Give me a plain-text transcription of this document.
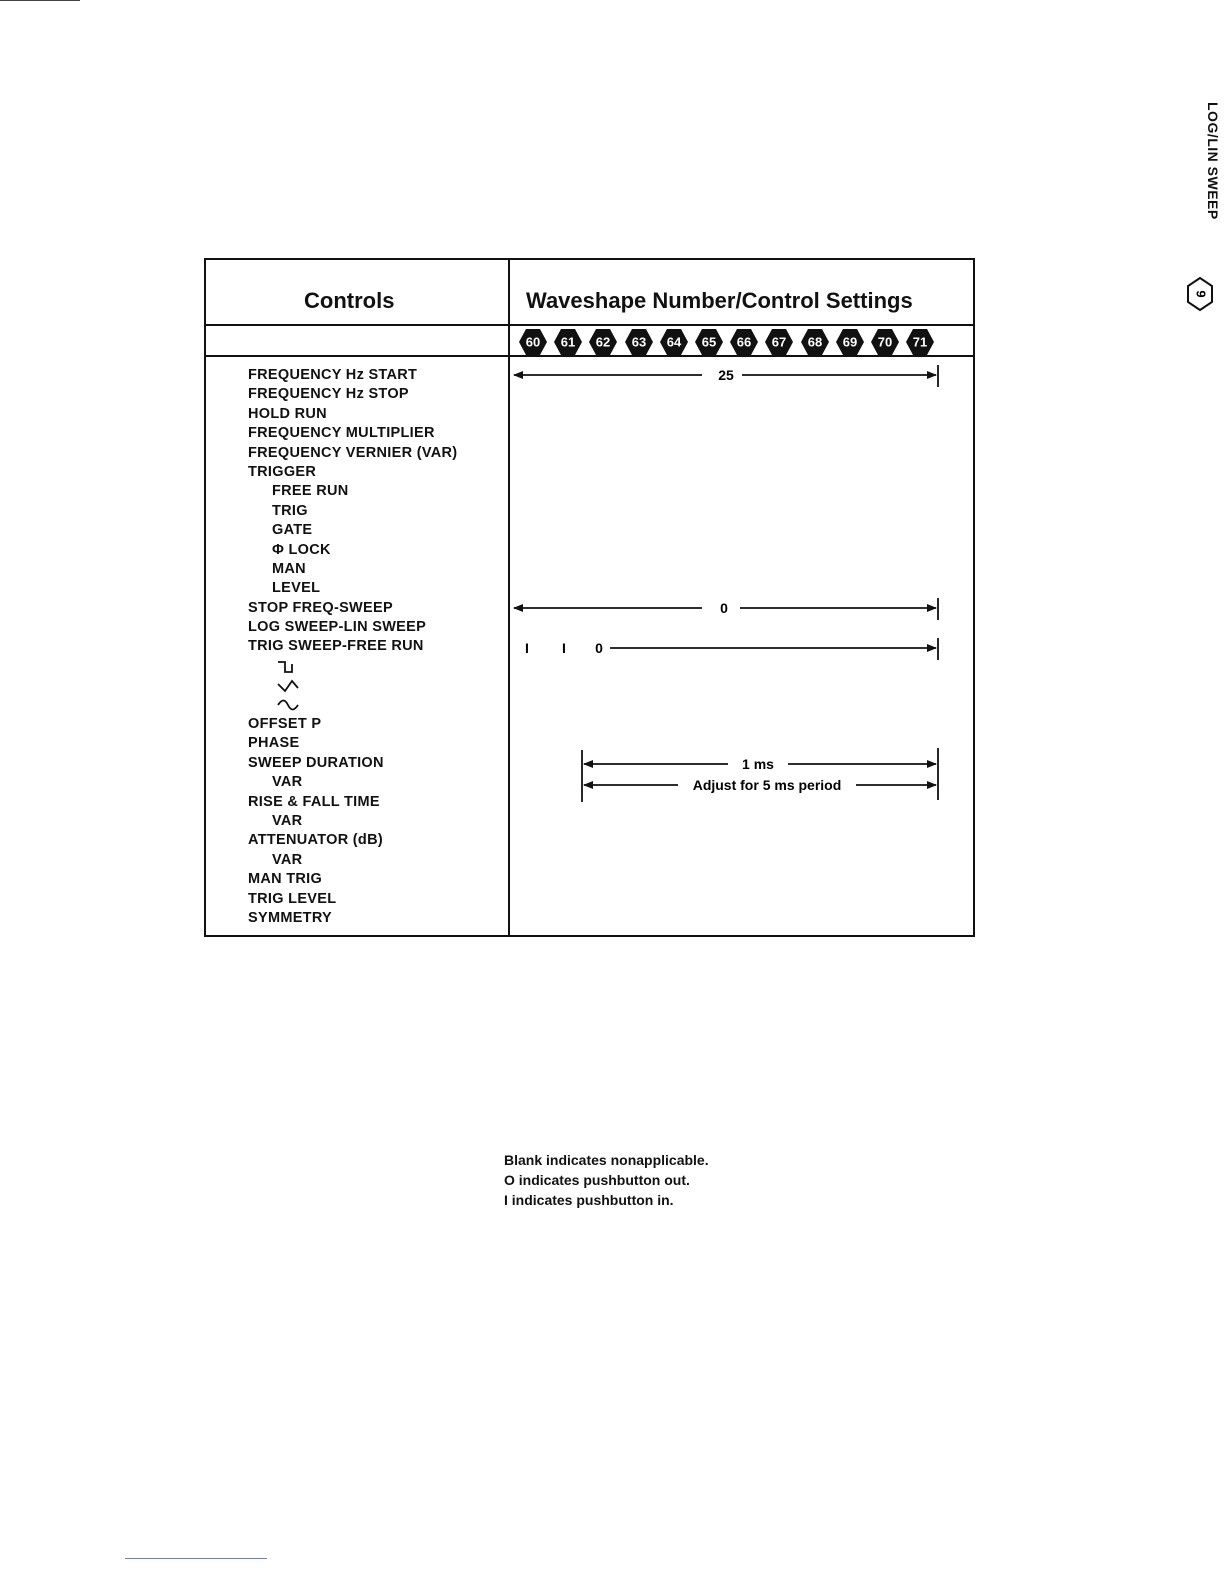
LOG/LIN SWEEP
9
Controls	Waveshape Number/Control Settings
60 61 62 63 64 65 66 67 68 69 70 71
FREQUENCY Hz START
FREQUENCY Hz STOP
HOLD RUN
FREQUENCY MULTIPLIER
FREQUENCY VERNIER (VAR)
TRIGGER
FREE RUN
TRIG
GATE
Φ LOCK
MAN
LEVEL
STOP FREQ-SWEEP
LOG SWEEP-LIN SWEEP
TRIG SWEEP-FREE RUN
OFFSET P
PHASE
SWEEP DURATION
VAR
RISE & FALL TIME
VAR
ATTENUATOR (dB)
VAR
MAN TRIG
TRIG LEVEL
SYMMETRY
25
0
I I 0
1 ms
Adjust for 5 ms period
Blank indicates nonapplicable.
O indicates pushbutton out.
I indicates pushbutton in.
